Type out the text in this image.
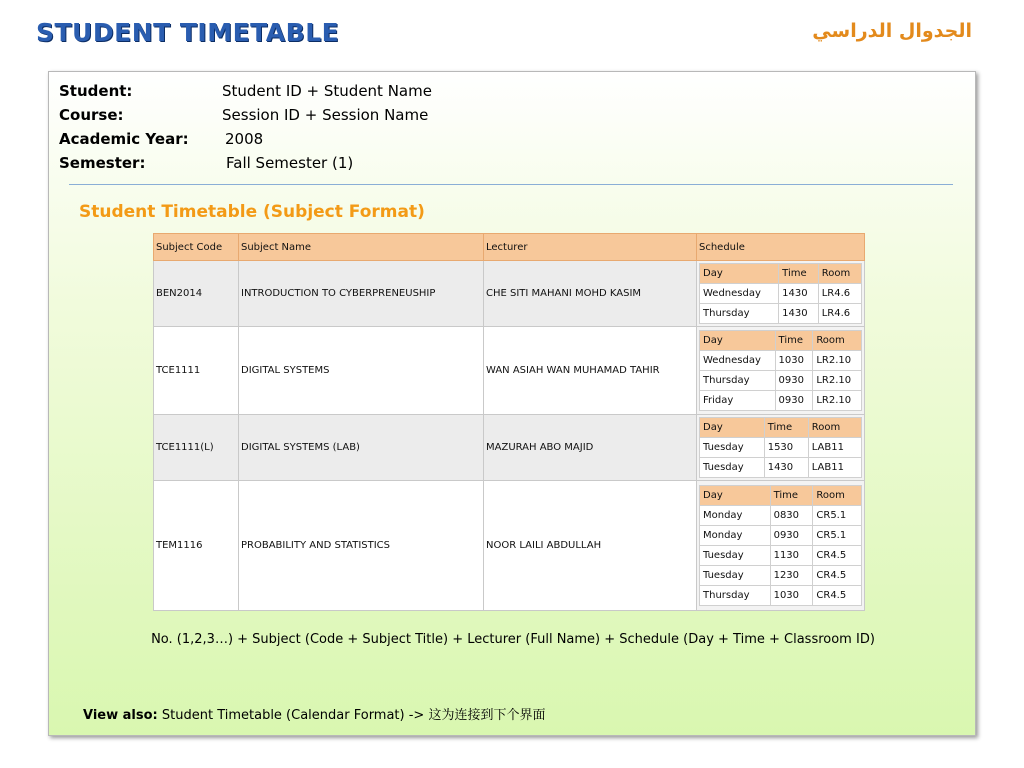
STUDENT TIMETABLE	الجدوال الدراسي
Student:	Student ID + Student Name
Course:	Session ID + Session Name
Academic Year: 2008
Semester:	Fall Semester (1)
Student Timetable (Subject Format)
Subject Code	Subject Name	Lecturer	Schedule
BEN2014	INTRODUCTION TO CYBERPRENEUSHIP	CHE SITI MAHANI MOHD KASIM	
Day	Time	Room
Wednesday	1430	LR4.6
Thursday	1430	LR4.6

TCE1111	DIGITAL SYSTEMS	WAN ASIAH WAN MUHAMAD TAHIR	
Day	Time	Room
Wednesday	1030	LR2.10
Thursday	0930	LR2.10
Friday	0930	LR2.10

TCE1111(L)	DIGITAL SYSTEMS (LAB)	MAZURAH ABO MAJID	
Day	Time	Room
Tuesday	1530	LAB11
Tuesday	1430	LAB11

TEM1116	PROBABILITY AND STATISTICS	NOOR LAILI ABDULLAH	
Day	Time	Room
Monday	0830	CR5.1
Monday	0930	CR5.1
Tuesday	1130	CR4.5
Tuesday	1230	CR4.5
Thursday	1030	CR4.5
No. (1,2,3…) + Subject (Code + Subject Title) + Lecturer (Full Name) + Schedule (Day + Time + Classroom ID)
View also: Student Timetable (Calendar Format) -> 这为连接到下个界面
